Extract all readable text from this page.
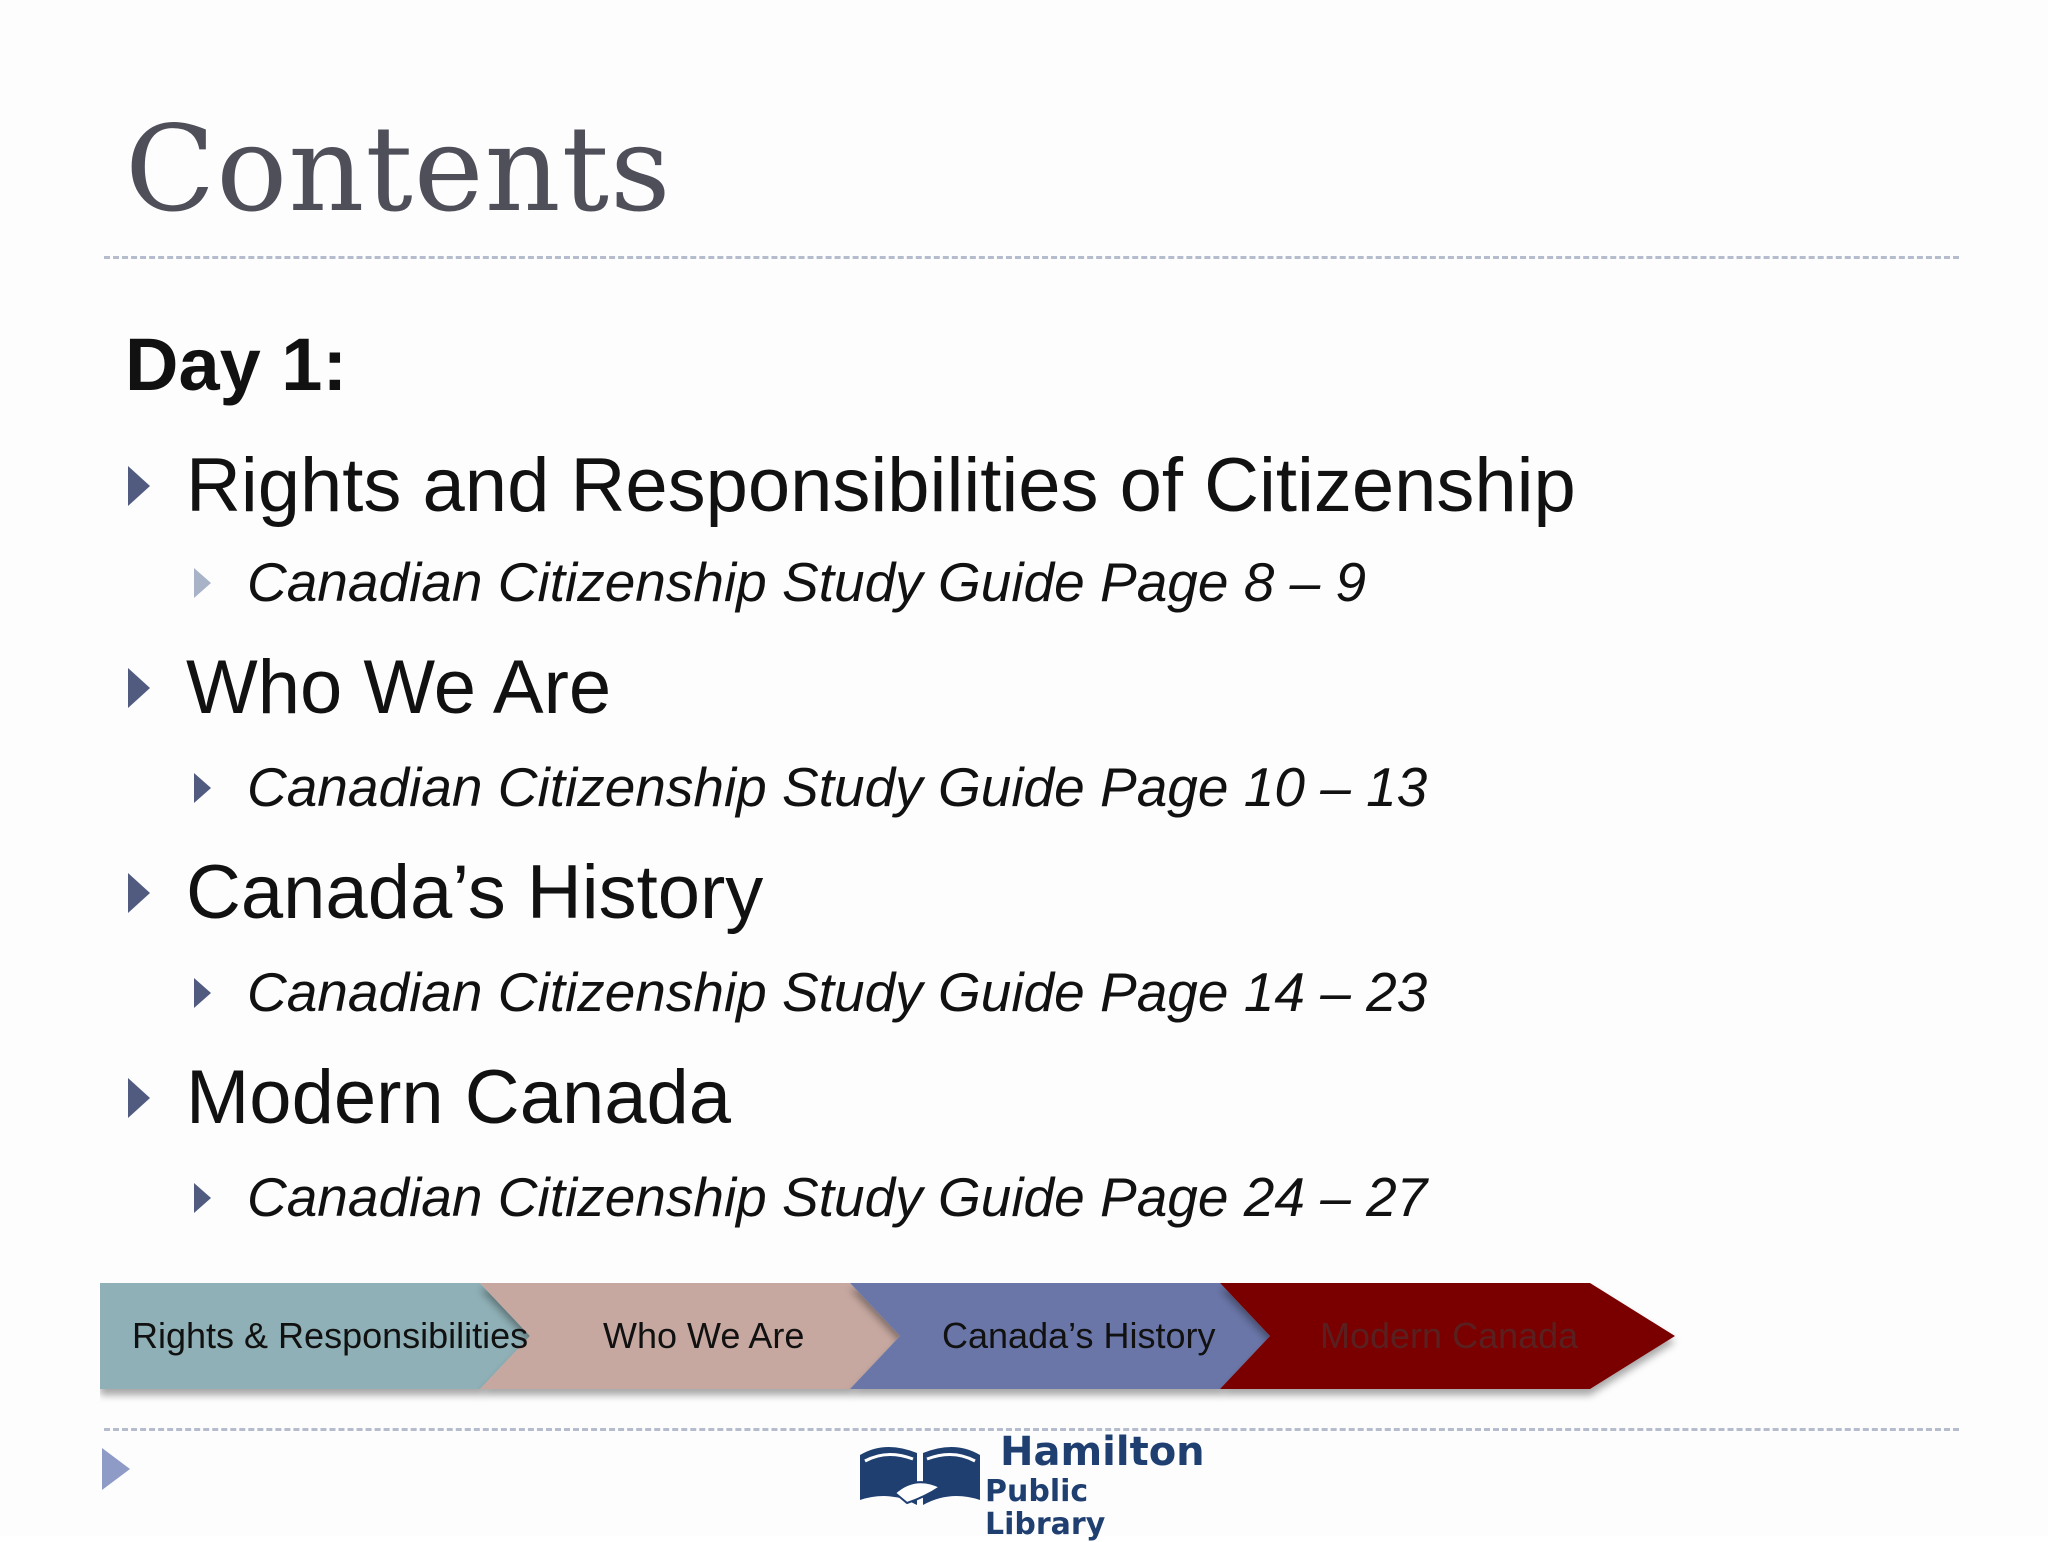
Contents
Day 1:
Rights and Responsibilities of Citizenship
Canadian Citizenship Study Guide Page 8 – 9
Who We Are
Canadian Citizenship Study Guide Page 10 – 13
Canada’s History
Canadian Citizenship Study Guide Page 14 – 23
Modern Canada
Canadian Citizenship Study Guide Page 24 – 27
Rights & Responsibilities Who We Are	Canada’s History	Modern Canada
Hamilton
Public Library
